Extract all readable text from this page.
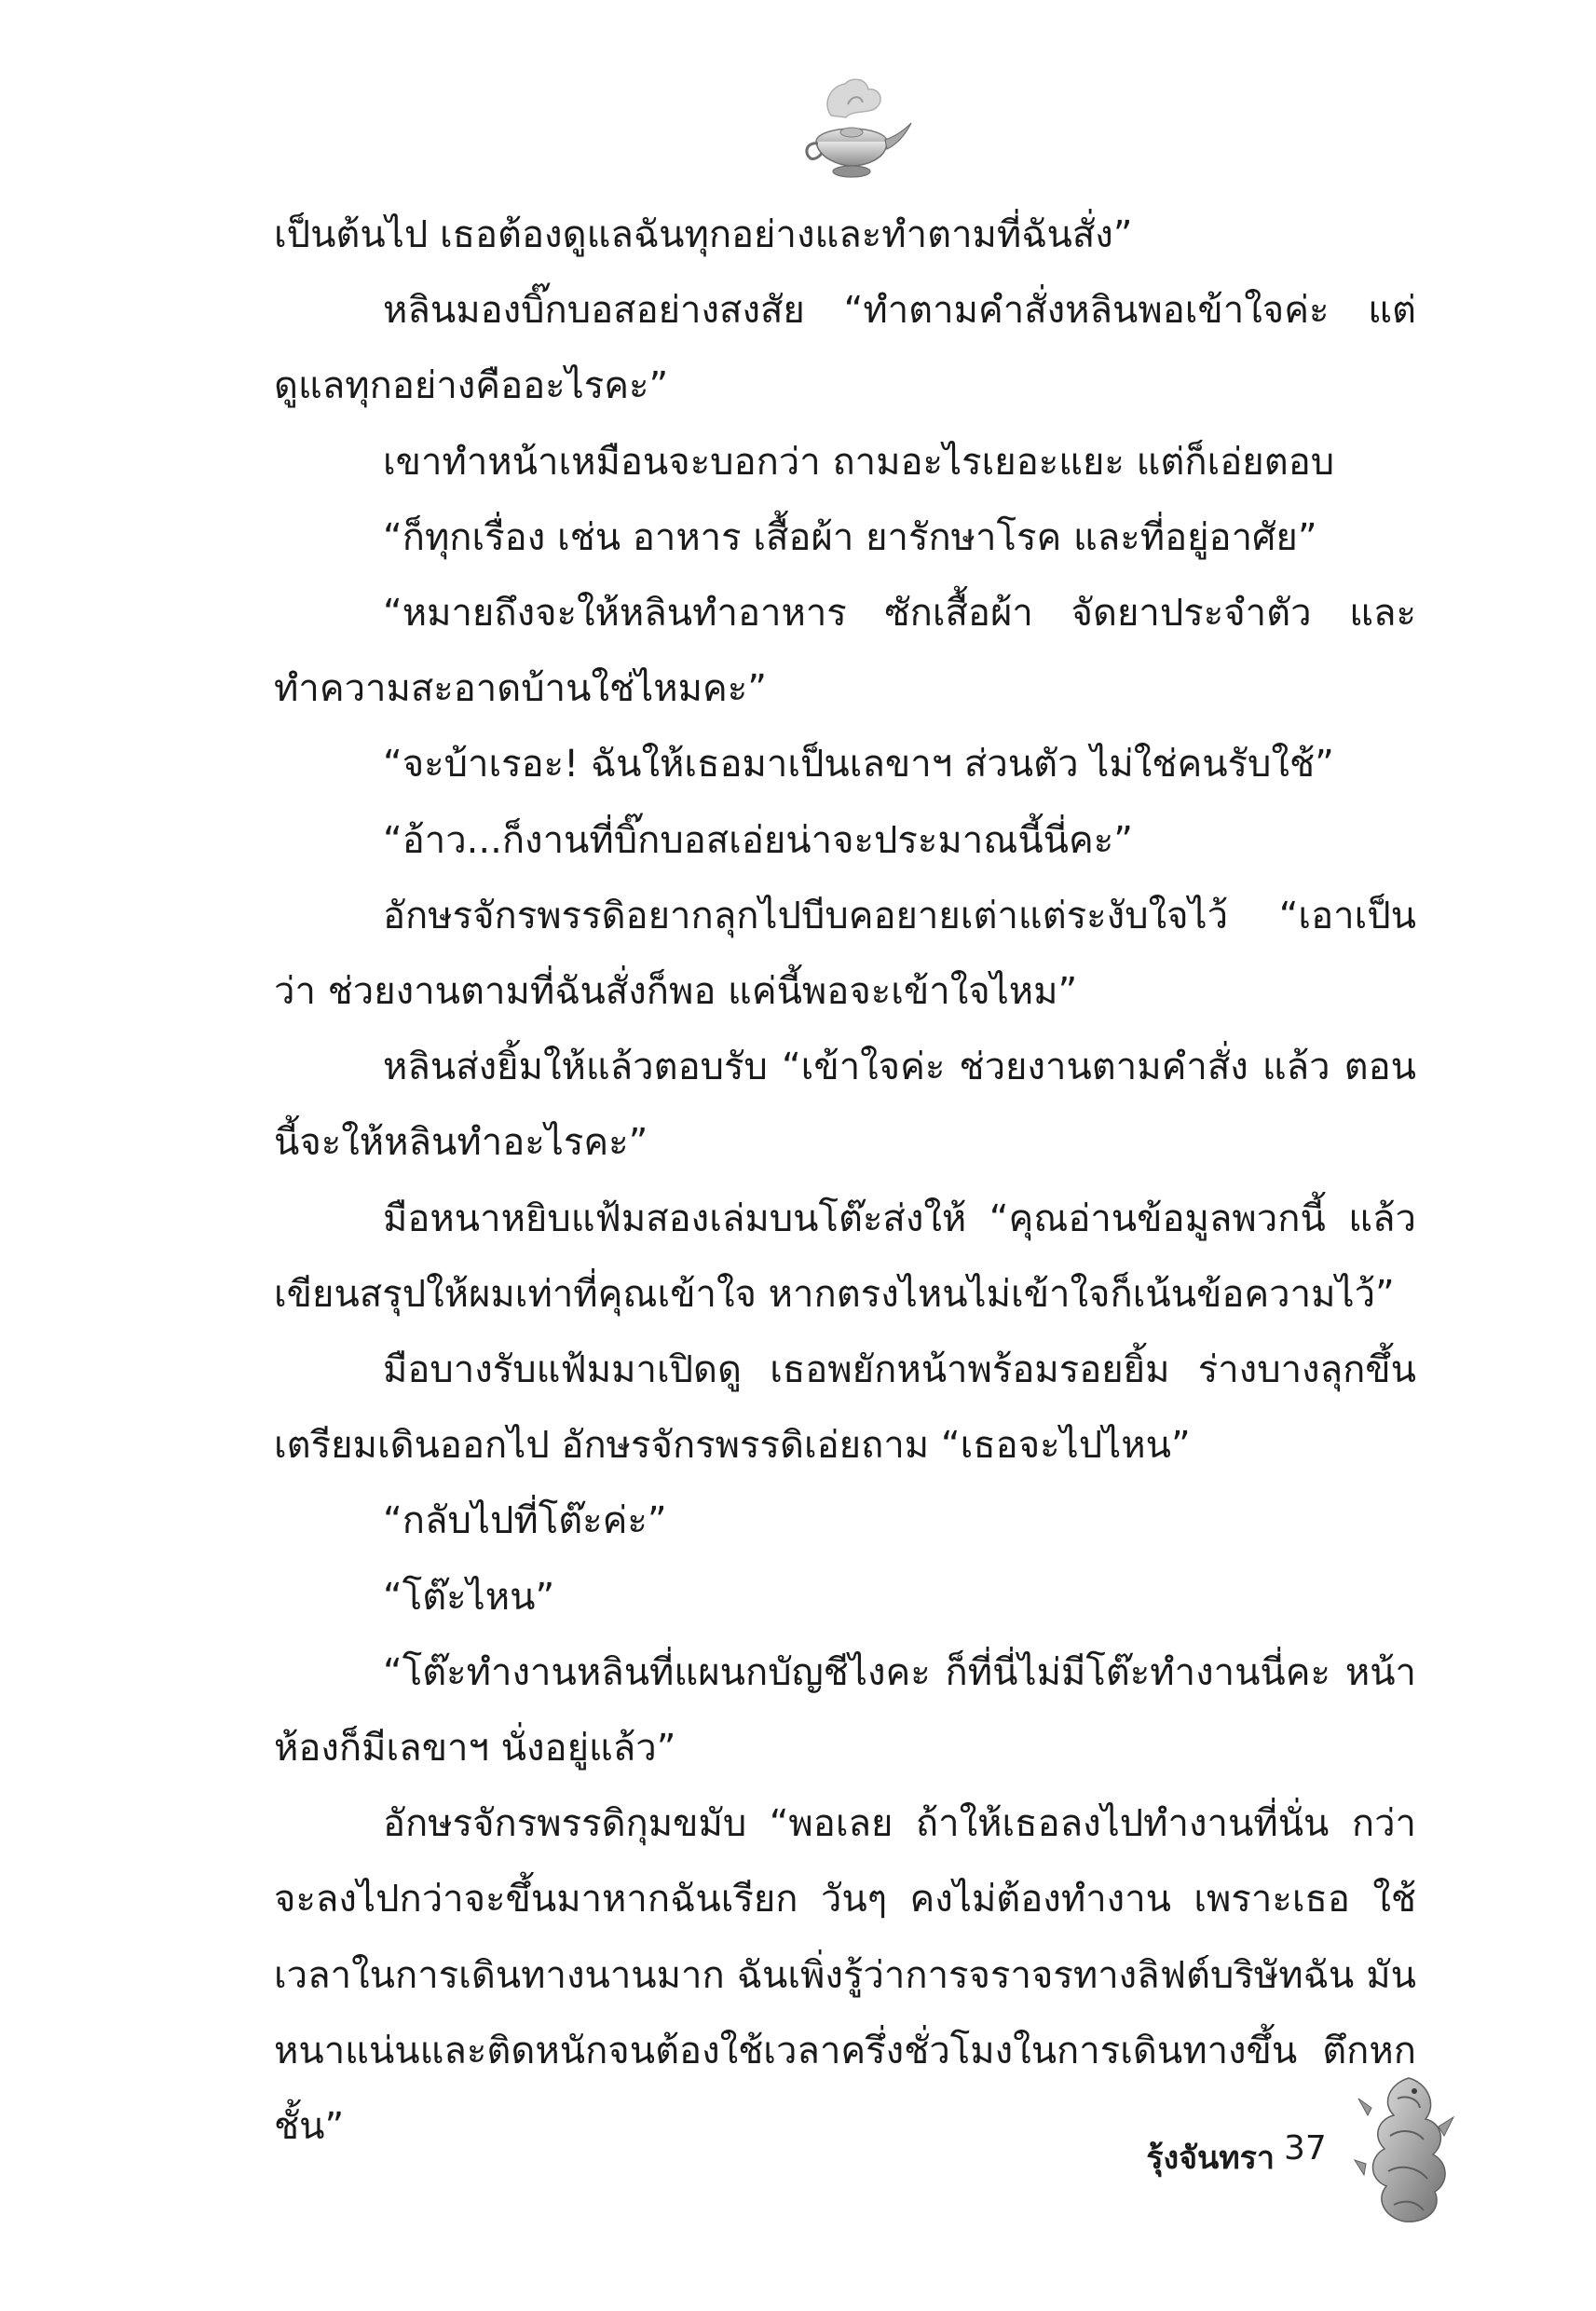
เป็นต้นไป เธอต้องดูแลฉันทุกอย่างและทำตามที่ฉันสั่ง”

หลินมองบิ๊กบอสอย่างสงสัย “ทำตามคำสั่งหลินพอเข้าใจค่ะ แต่ดูแลทุกอย่างคืออะไรคะ”

เขาทำหน้าเหมือนจะบอกว่า ถามอะไรเยอะแยะ แต่ก็เอ่ยตอบ

“ก็ทุกเรื่อง เช่น อาหาร เสื้อผ้า ยารักษาโรค และที่อยู่อาศัย”

“หมายถึงจะให้หลินทำอาหาร ซักเสื้อผ้า จัดยาประจำตัว และ ทำความสะอาดบ้านใช่ไหมคะ”

“จะบ้าเรอะ! ฉันให้เธอมาเป็นเลขาฯ ส่วนตัว ไม่ใช่คนรับใช้”

“อ้าว...ก็งานที่บิ๊กบอสเอ่ยน่าจะประมาณนี้นี่คะ”

อักษรจักรพรรดิอยากลุกไปบีบคอยายเต่าแต่ระงับใจไว้ “เอาเป็นว่า ช่วยงานตามที่ฉันสั่งก็พอ แค่นี้พอจะเข้าใจไหม”

หลินส่งยิ้มให้แล้วตอบรับ “เข้าใจค่ะ ช่วยงานตามคำสั่ง แล้ว ตอนนี้จะให้หลินทำอะไรคะ”

มือหนาหยิบแฟ้มสองเล่มบนโต๊ะส่งให้ “คุณอ่านข้อมูลพวกนี้ แล้วเขียนสรุปให้ผมเท่าที่คุณเข้าใจ หากตรงไหนไม่เข้าใจก็เน้นข้อความไว้”

มือบางรับแฟ้มมาเปิดดู เธอพยักหน้าพร้อมรอยยิ้ม ร่างบางลุกขึ้น เตรียมเดินออกไป อักษรจักรพรรดิเอ่ยถาม “เธอจะไปไหน”

“กลับไปที่โต๊ะค่ะ”

“โต๊ะไหน”

“โต๊ะทำงานหลินที่แผนกบัญชีไงคะ ก็ที่นี่ไม่มีโต๊ะทำงานนี่คะ หน้าห้องก็มีเลขาฯ นั่งอยู่แล้ว”

อักษรจักรพรรดิกุมขมับ “พอเลย ถ้าให้เธอลงไปทำงานที่นั่น กว่าจะลงไปกว่าจะขึ้นมาหากฉันเรียก วันๆ คงไม่ต้องทำงาน เพราะเธอ ใช้เวลาในการเดินทางนานมาก ฉันเพิ่งรู้ว่าการจราจรทางลิฟต์บริษัทฉัน มันหนาแน่นและติดหนักจนต้องใช้เวลาครึ่งชั่วโมงในการเดินทางขึ้น ตึกหกชั้น”

รุ้งจันทรา 37
